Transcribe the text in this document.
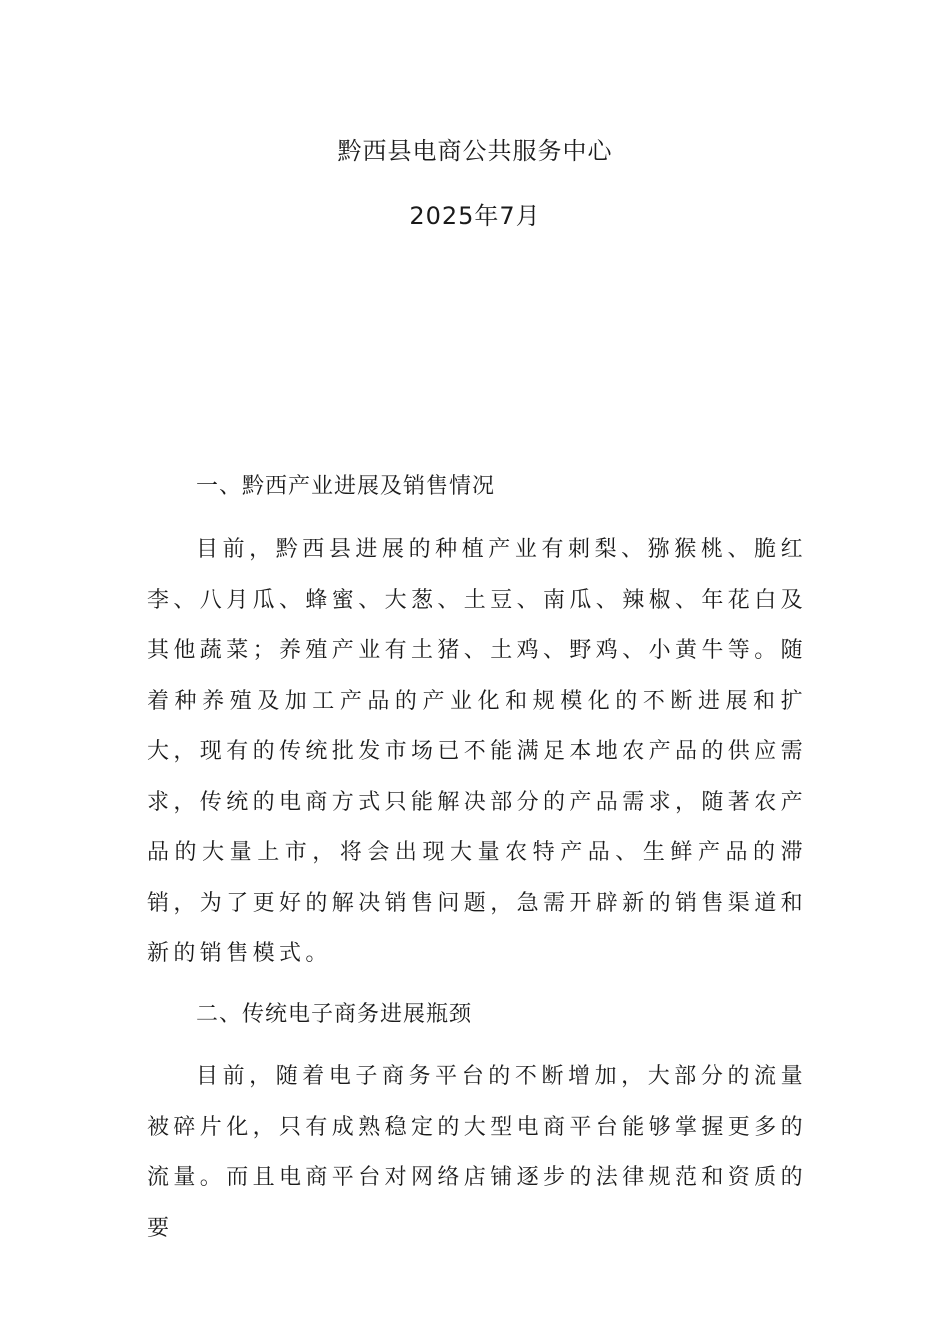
黔西县电商公共服务中心
2025年7月
一、黔西产业进展及销售情况

目前，黔西县进展的种植产业有刺梨、猕猴桃、脆红李、八月瓜、蜂蜜、大葱、土豆、南瓜、辣椒、年花白及其他蔬菜；养殖产业有土猪、土鸡、野鸡、小黄牛等。随着种养殖及加工产品的产业化和规模化的不断进展和扩大，现有的传统批发市场已不能满足本地农产品的供应需求，传统的电商方式只能解决部分的产品需求，随著农产品的大量上市，将会出现大量农特产品、生鲜产品的滞销，为了更好的解决销售问题，急需开辟新的销售渠道和新的销售模式。

二、传统电子商务进展瓶颈

目前，随着电子商务平台的不断增加，大部分的流量被碎片化，只有成熟稳定的大型电商平台能够掌握更多的流量。而且电商平台对网络店铺逐步的法律规范和资质的要
